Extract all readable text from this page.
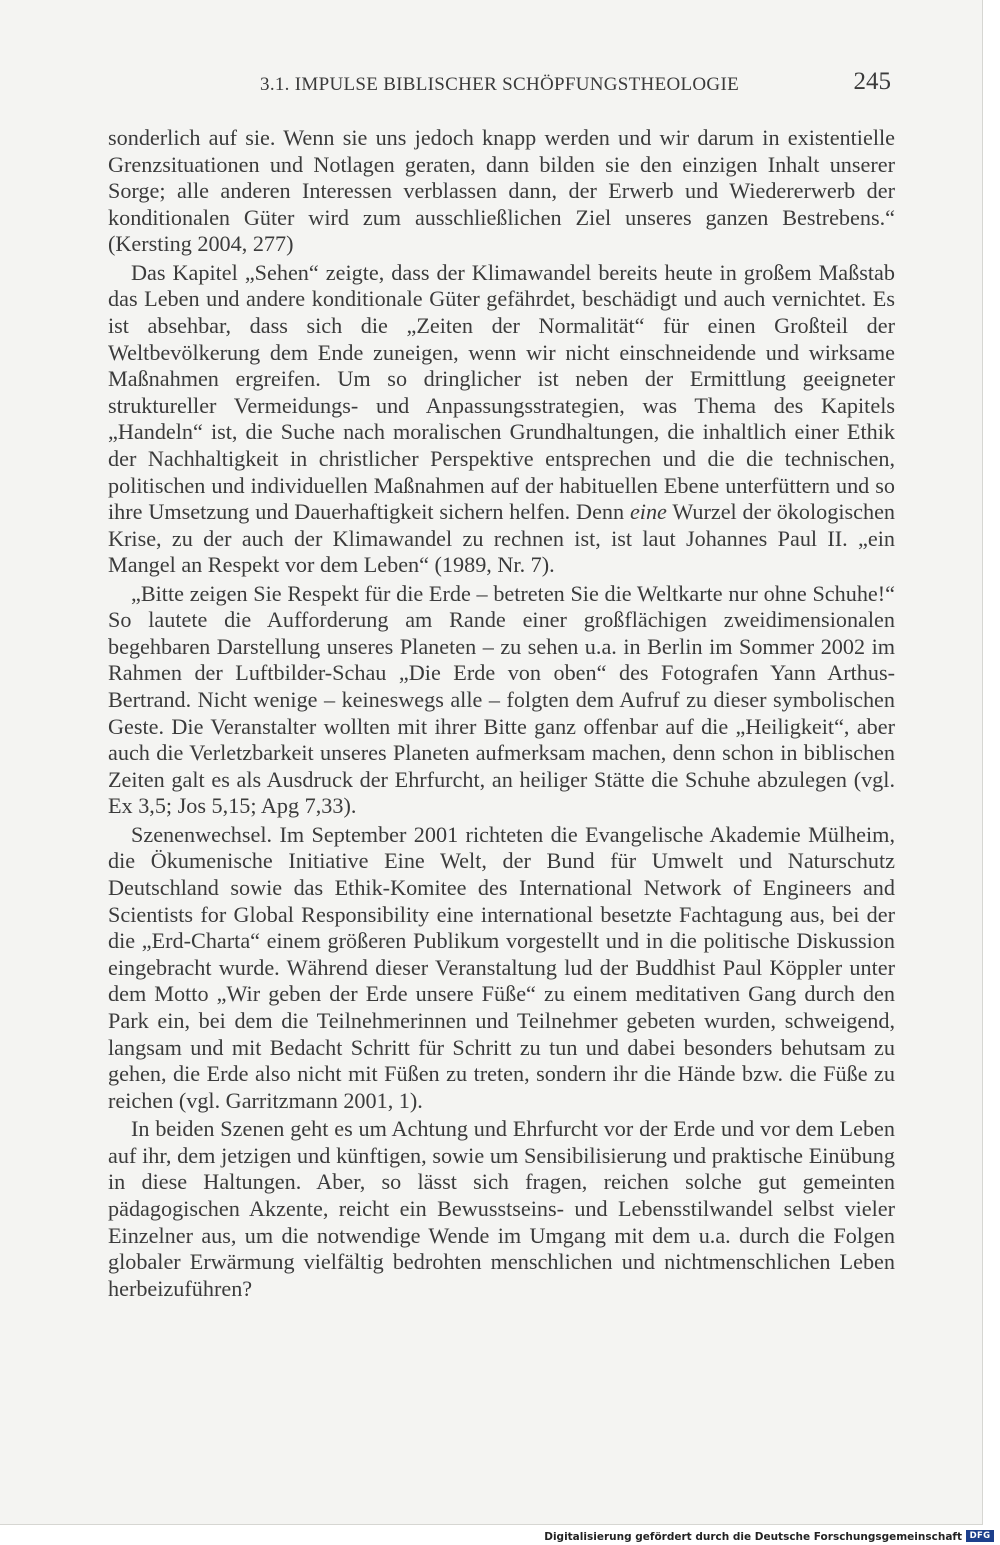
3.1. IMPULSE BIBLISCHER SCHÖPFUNGSTHEOLOGIE	245

sonderlich auf sie. Wenn sie uns jedoch knapp werden und wir darum in existentielle Grenzsituationen und Notlagen geraten, dann bilden sie den einzigen Inhalt unserer Sorge; alle anderen Interessen verblassen dann, der Erwerb und Wiedererwerb der konditionalen Güter wird zum ausschließlichen Ziel unseres ganzen Bestrebens.“ (Kersting 2004, 277)

Das Kapitel „Sehen“ zeigte, dass der Klimawandel bereits heute in großem Maßstab das Leben und andere konditionale Güter gefährdet, beschädigt und auch vernichtet. Es ist absehbar, dass sich die „Zeiten der Normalität“ für einen Großteil der Weltbevölkerung dem Ende zuneigen, wenn wir nicht einschneidende und wirksame Maßnahmen ergreifen. Um so dringlicher ist neben der Ermittlung geeigneter struktureller Vermeidungs- und Anpassungsstrategien, was Thema des Kapitels „Handeln“ ist, die Suche nach moralischen Grundhaltungen, die inhaltlich einer Ethik der Nachhaltigkeit in christlicher Perspektive entsprechen und die die technischen, politischen und individuellen Maßnahmen auf der habituellen Ebene unterfüttern und so ihre Umsetzung und Dauerhaftigkeit sichern helfen. Denn eine Wurzel der ökologischen Krise, zu der auch der Klimawandel zu rechnen ist, ist laut Johannes Paul II. „ein Mangel an Respekt vor dem Leben“ (1989, Nr. 7).

„Bitte zeigen Sie Respekt für die Erde – betreten Sie die Weltkarte nur ohne Schuhe!“ So lautete die Aufforderung am Rande einer großflächigen zweidimensionalen begehbaren Darstellung unseres Planeten – zu sehen u.a. in Berlin im Sommer 2002 im Rahmen der Luftbilder-Schau „Die Erde von oben“ des Fotografen Yann Arthus-Bertrand. Nicht wenige – keineswegs alle – folgten dem Aufruf zu dieser symbolischen Geste. Die Veranstalter wollten mit ihrer Bitte ganz offenbar auf die „Heiligkeit“, aber auch die Verletzbarkeit unseres Planeten aufmerksam machen, denn schon in biblischen Zeiten galt es als Ausdruck der Ehrfurcht, an heiliger Stätte die Schuhe abzulegen (vgl. Ex 3,5; Jos 5,15; Apg 7,33).

Szenenwechsel. Im September 2001 richteten die Evangelische Akademie Mülheim, die Ökumenische Initiative Eine Welt, der Bund für Umwelt und Naturschutz Deutschland sowie das Ethik-Komitee des International Network of Engineers and Scientists for Global Responsibility eine international besetzte Fachtagung aus, bei der die „Erd-Charta“ einem größeren Publikum vorgestellt und in die politische Diskussion eingebracht wurde. Während dieser Veranstaltung lud der Buddhist Paul Köppler unter dem Motto „Wir geben der Erde unsere Füße“ zu einem meditativen Gang durch den Park ein, bei dem die Teilnehmerinnen und Teilnehmer gebeten wurden, schweigend, langsam und mit Bedacht Schritt für Schritt zu tun und dabei besonders behutsam zu gehen, die Erde also nicht mit Füßen zu treten, sondern ihr die Hände bzw. die Füße zu reichen (vgl. Garritzmann 2001, 1).

In beiden Szenen geht es um Achtung und Ehrfurcht vor der Erde und vor dem Leben auf ihr, dem jetzigen und künftigen, sowie um Sensibilisierung und praktische Einübung in diese Haltungen. Aber, so lässt sich fragen, reichen solche gut gemeinten pädagogischen Akzente, reicht ein Bewusstseins- und Lebensstilwandel selbst vieler Einzelner aus, um die notwendige Wende im Umgang mit dem u.a. durch die Folgen globaler Erwärmung vielfältig bedrohten menschlichen und nichtmenschlichen Leben herbeizuführen?

Digitalisierung gefördert durch die Deutsche Forschungsgemeinschaft DFG
